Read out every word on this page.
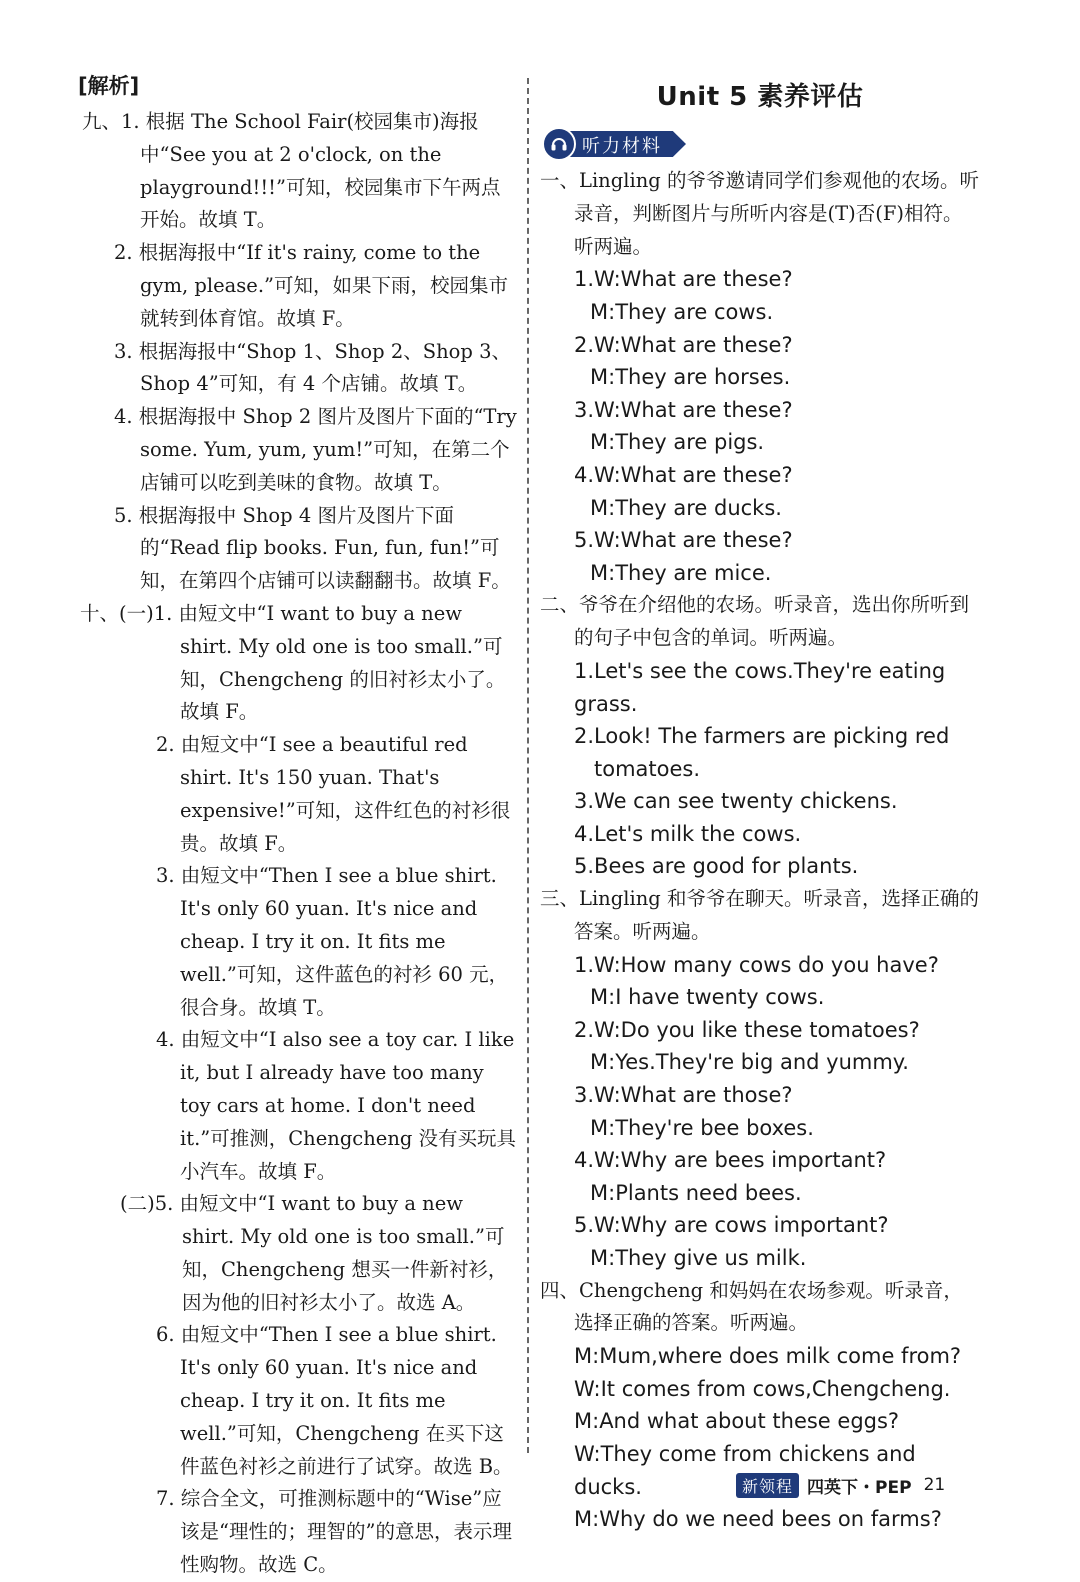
[解析]

九、1. 根据 The School Fair(校园集市)海报中“See you at 2 o'clock, on the playground!!!”可知，校园集市下午两点开始。故填 T。

2. 根据海报中“If it's rainy, come to the gym, please.”可知，如果下雨，校园集市就转到体育馆。故填 F。

3. 根据海报中“Shop 1、Shop 2、Shop 3、Shop 4”可知，有 4 个店铺。故填 T。

4. 根据海报中 Shop 2 图片及图片下面的“Try some. Yum, yum, yum!”可知，在第二个店铺可以吃到美味的食物。故填 T。

5. 根据海报中 Shop 4 图片及图片下面的“Read flip books. Fun, fun, fun!”可知，在第四个店铺可以读翻翻书。故填 F。

十、(一)1. 由短文中“I want to buy a new shirt. My old one is too small.”可知，Chengcheng 的旧衬衫太小了。故填 F。

2. 由短文中“I see a beautiful red shirt. It's 150 yuan. That's expensive!”可知，这件红色的衬衫很贵。故填 F。

3. 由短文中“Then I see a blue shirt. It's only 60 yuan. It's nice and cheap. I try it on. It fits me well.”可知，这件蓝色的衬衫 60 元，很合身。故填 T。

4. 由短文中“I also see a toy car. I like it, but I already have too many toy cars at home. I don't need it.”可推测，Chengcheng 没有买玩具小汽车。故填 F。

(二)5. 由短文中“I want to buy a new shirt. My old one is too small.”可知，Chengcheng 想买一件新衬衫，因为他的旧衬衫太小了。故选 A。

6. 由短文中“Then I see a blue shirt. It's only 60 yuan. It's nice and cheap. I try it on. It fits me well.”可知，Chengcheng 在买下这件蓝色衬衫之前进行了试穿。故选 B。

7. 综合全文，可推测标题中的“Wise”应该是“理性的；理智的”的意思，表示理性购物。故选 C。

Unit 5 素养评估
听力材料

一、Lingling 的爷爷邀请同学们参观他的农场。听录音，判断图片与所听内容是(T)否(F)相符。听两遍。

1.W:What are these?

M:They are cows.

2.W:What are these?

M:They are horses.

3.W:What are these?

M:They are pigs.

4.W:What are these?

M:They are ducks.

5.W:What are these?

M:They are mice.

二、爷爷在介绍他的农场。听录音，选出你所听到的句子中包含的单词。听两遍。

1.Let's see the cows.They're eating grass.

2.Look! The farmers are picking red

tomatoes.

3.We can see twenty chickens.

4.Let's milk the cows.

5.Bees are good for plants.

三、Lingling 和爷爷在聊天。听录音，选择正确的答案。听两遍。

1.W:How many cows do you have?

M:I have twenty cows.

2.W:Do you like these tomatoes?

M:Yes.They're big and yummy.

3.W:What are those?

M:They're bee boxes.

4.W:Why are bees important?

M:Plants need bees.

5.W:Why are cows important?

M:They give us milk.

四、Chengcheng 和妈妈在农场参观。听录音，选择正确的答案。听两遍。

M:Mum,where does milk come from?

W:It comes from cows,Chengcheng.

M:And what about these eggs?

W:They come from chickens and ducks.

M:Why do we need bees on farms?

新领程 四英下・PEP 21
